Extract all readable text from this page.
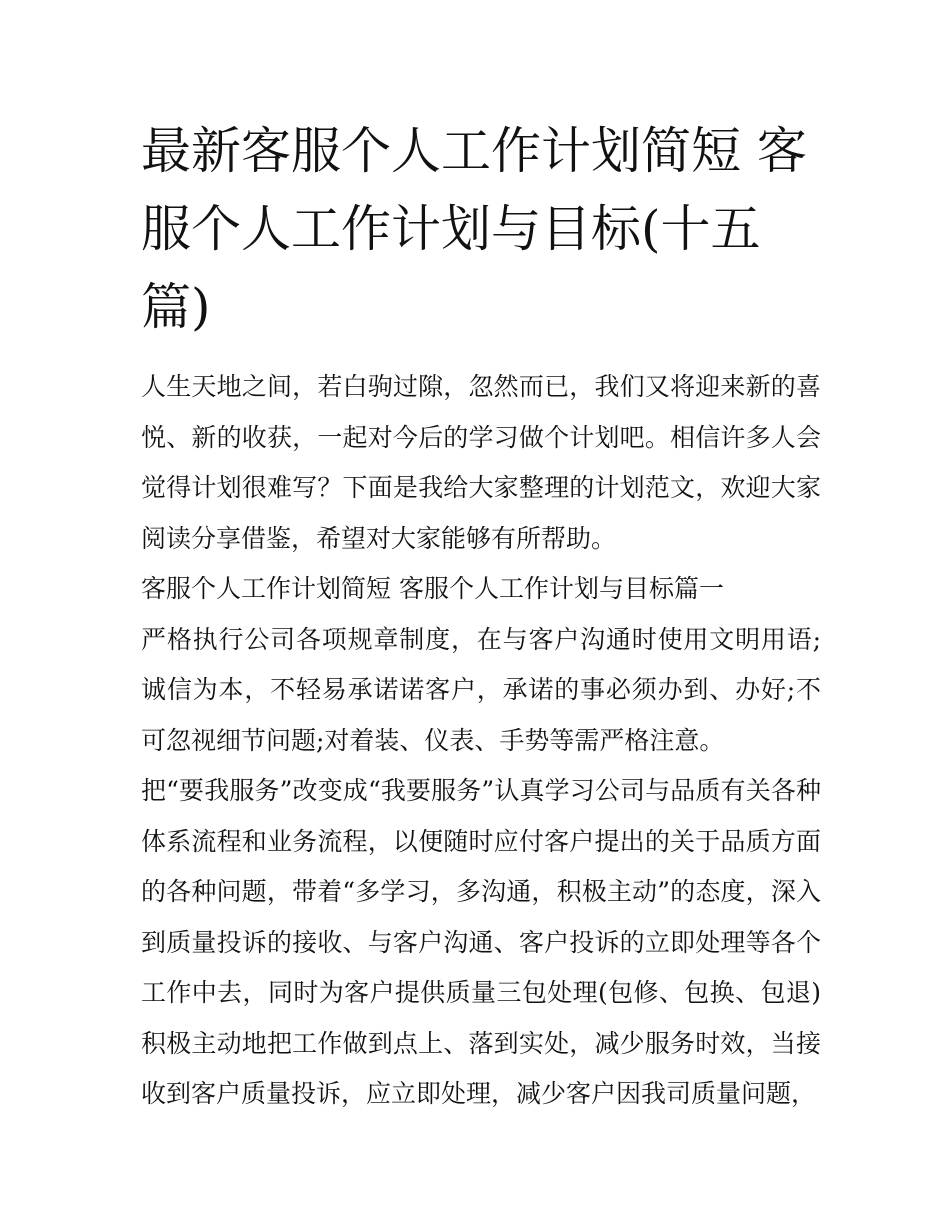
最新客服个人工作计划简短 客服个人工作计划与目标(十五篇)

人生天地之间，若白驹过隙，忽然而已，我们又将迎来新的喜悦、新的收获，一起对今后的学习做个计划吧。相信许多人会觉得计划很难写？下面是我给大家整理的计划范文，欢迎大家阅读分享借鉴，希望对大家能够有所帮助。

客服个人工作计划简短 客服个人工作计划与目标篇一

严格执行公司各项规章制度，在与客户沟通时使用文明用语;诚信为本，不轻易承诺诺客户，承诺的事必须办到、办好;不可忽视细节问题;对着装、仪表、手势等需严格注意。

把“要我服务”改变成“我要服务”认真学习公司与品质有关各种体系流程和业务流程，以便随时应付客户提出的关于品质方面的各种问题，带着“多学习，多沟通，积极主动”的态度，深入到质量投诉的接收、与客户沟通、客户投诉的立即处理等各个工作中去，同时为客户提供质量三包处理(包修、包换、包退)积极主动地把工作做到点上、落到实处，减少服务时效，当接收到客户质量投诉，应立即处理，减少客户因我司质量问题，
